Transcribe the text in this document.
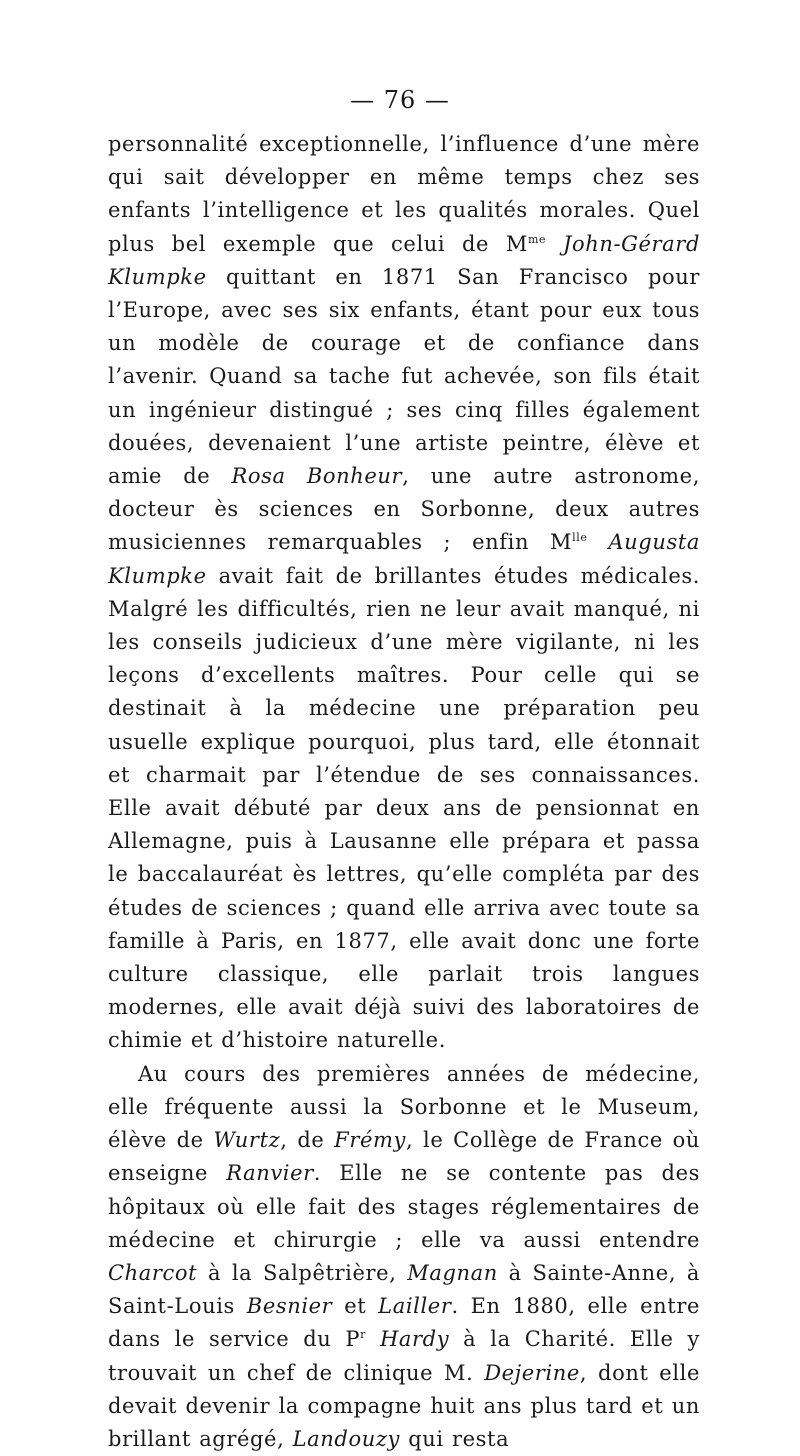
— 76 —

personnalité exceptionnelle, l’influence d’une mère qui sait développer en même temps chez ses enfants l’intelligence et les qualités morales. Quel plus bel exemple que celui de $M^{me}$ John-Gérard Klumpke quittant en 1871 San Francisco pour l’Europe, avec ses six enfants, étant pour eux tous un modèle de courage et de confiance dans l’avenir. Quand sa tache fut achevée, son fils était un ingénieur distingué ; ses cinq filles également douées, devenaient l’une artiste peintre, élève et amie de Rosa Bonheur, une autre astronome, docteur ès sciences en Sorbonne, deux autres musiciennes remarquables ; enfin $M^{lle}$ Augusta Klumpke avait fait de brillantes études médicales. Malgré les difficultés, rien ne leur avait manqué, ni les conseils judicieux d’une mère vigilante, ni les leçons d’excellents maîtres. Pour celle qui se destinait à la médecine une préparation peu usuelle explique pourquoi, plus tard, elle étonnait et charmait par l’étendue de ses connaissances. Elle avait débuté par deux ans de pensionnat en Allemagne, puis à Lausanne elle prépara et passa le baccalauréat ès lettres, qu’elle compléta par des études de sciences ; quand elle arriva avec toute sa famille à Paris, en 1877, elle avait donc une forte culture classique, elle parlait trois langues modernes, elle avait déjà suivi des laboratoires de chimie et d’histoire naturelle.

Au cours des premières années de médecine, elle fréquente aussi la Sorbonne et le Museum, élève de Wurtz, de Frémy, le Collège de France où enseigne Ranvier. Elle ne se contente pas des hôpitaux où elle fait des stages réglementaires de médecine et chirurgie ; elle va aussi entendre Charcot à la Salpêtrière, Magnan à Sainte-Anne, à Saint-Louis Besnier et Lailler. En 1880, elle entre dans le service du $P^r$ Hardy à la Charité. Elle y trouvait un chef de clinique M. Dejerine, dont elle devait devenir la compagne huit ans plus tard et un brillant agrégé, Landouzy qui resta
